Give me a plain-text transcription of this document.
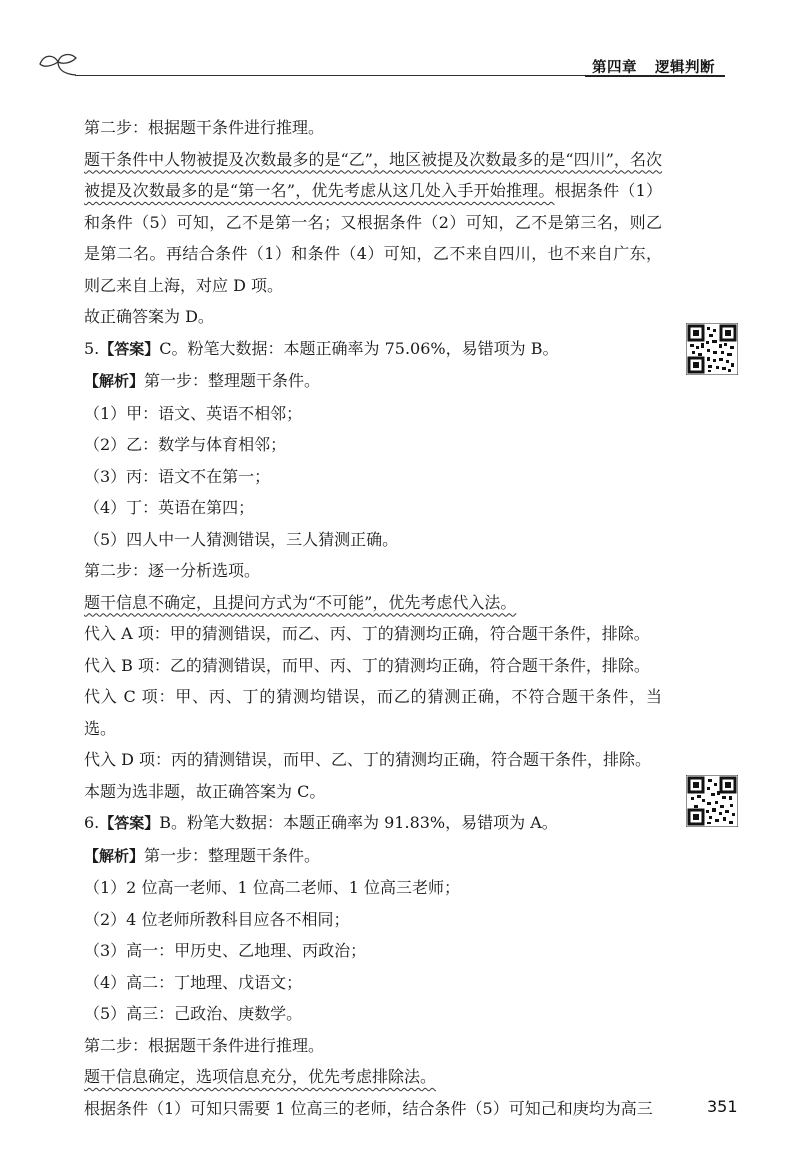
第四章 逻辑判断
第二步：根据题干条件进行推理。
题干条件中人物被提及次数最多的是“乙”，地区被提及次数最多的是“四川”，名次被提及次数最多的是“第一名”，优先考虑从这几处入手开始推理。根据条件（1）和条件（5）可知，乙不是第一名；又根据条件（2）可知，乙不是第三名，则乙是第二名。再结合条件（1）和条件（4）可知，乙不来自四川，也不来自广东，则乙来自上海，对应 D 项。
故正确答案为 D。
5.【答案】C。粉笔大数据：本题正确率为 75.06%，易错项为 B。
【解析】第一步：整理题干条件。
（1）甲：语文、英语不相邻；
（2）乙：数学与体育相邻；
（3）丙：语文不在第一；
（4）丁：英语在第四；
（5）四人中一人猜测错误，三人猜测正确。
第二步：逐一分析选项。
题干信息不确定，且提问方式为“不可能”，优先考虑代入法。
代入 A 项：甲的猜测错误，而乙、丙、丁的猜测均正确，符合题干条件，排除。
代入 B 项：乙的猜测错误，而甲、丙、丁的猜测均正确，符合题干条件，排除。
代入 C 项：甲、丙、丁的猜测均错误，而乙的猜测正确，不符合题干条件，当选。
代入 D 项：丙的猜测错误，而甲、乙、丁的猜测均正确，符合题干条件，排除。
本题为选非题，故正确答案为 C。
6.【答案】B。粉笔大数据：本题正确率为 91.83%，易错项为 A。
【解析】第一步：整理题干条件。
（1）2 位高一老师、1 位高二老师、1 位高三老师；
（2）4 位老师所教科目应各不相同；
（3）高一：甲历史、乙地理、丙政治；
（4）高二：丁地理、戊语文；
（5）高三：己政治、庚数学。
第二步：根据题干条件进行推理。
题干信息确定，选项信息充分，优先考虑排除法。
根据条件（1）可知只需要 1 位高三的老师，结合条件（5）可知己和庚均为高三	351
